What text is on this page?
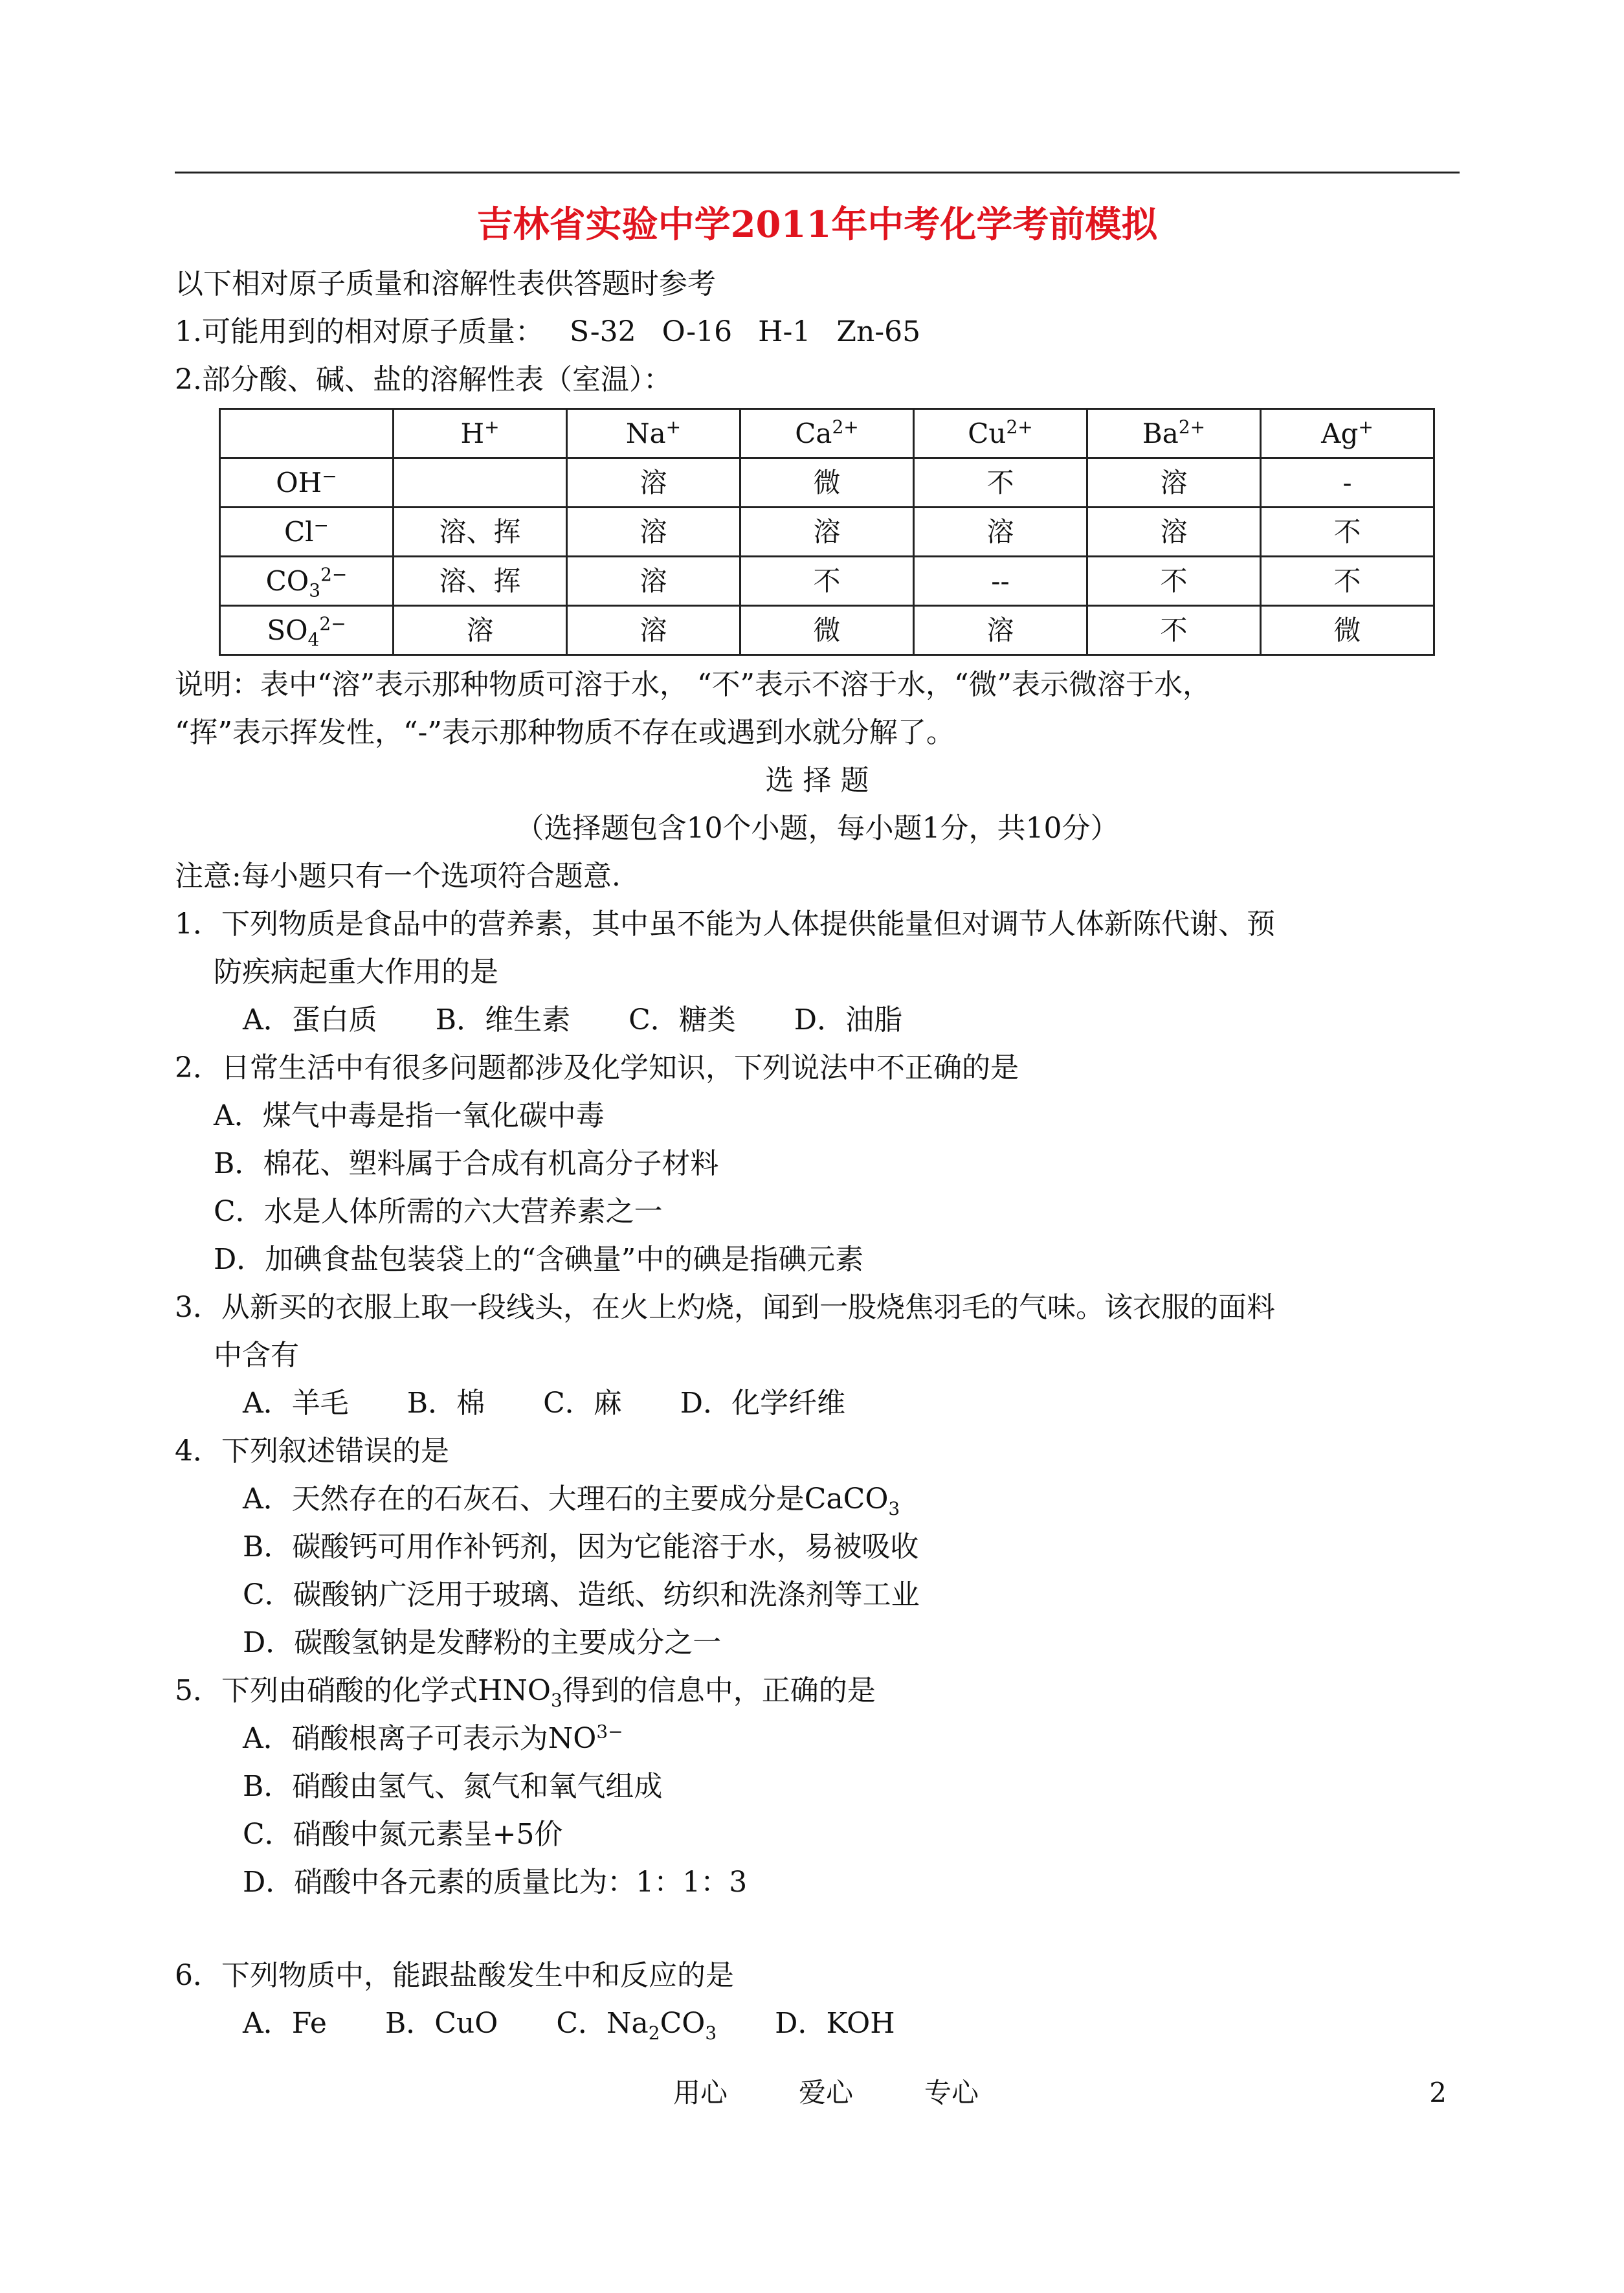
吉林省实验中学2011年中考化学考前模拟
以下相对原子质量和溶解性表供答题时参考
1.可能用到的相对原子质量： S-32 O-16 H-1 Zn-65
2.部分酸、碱、盐的溶解性表（室温）：
	H+	Na+	$Ca^{2+}$	$Cu^{2+}$	$Ba^{2+}$	Ag+
OH−		溶	微	不	溶	-
Cl−	溶、挥	溶	溶	溶	溶	不
$CO_3^{2-}$	溶、挥	溶	不	--	不	不
$SO_4^{2-}$	溶	溶	微	溶	不	微
说明：表中“溶”表示那种物质可溶于水， “不”表示不溶于水，“微”表示微溶于水，
“挥”表示挥发性，“-”表示那种物质不存在或遇到水就分解了。
选 择 题
（选择题包含10个小题，每小题1分，共10分）
注意:每小题只有一个选项符合题意.
1．下列物质是食品中的营养素，其中虽不能为人体提供能量但对调节人体新陈代谢、预
防疾病起重大作用的是
A．蛋白质 B．维生素 C．糖类 D．油脂
2．日常生活中有很多问题都涉及化学知识，下列说法中不正确的是
A．煤气中毒是指一氧化碳中毒
B．棉花、塑料属于合成有机高分子材料
C．水是人体所需的六大营养素之一
D．加碘食盐包装袋上的“含碘量”中的碘是指碘元素
3．从新买的衣服上取一段线头，在火上灼烧，闻到一股烧焦羽毛的气味。该衣服的面料
中含有
A．羊毛 B．棉 C．麻 D．化学纤维
4．下列叙述错误的是
A．天然存在的石灰石、大理石的主要成分是CaCO$_3$
B．碳酸钙可用作补钙剂，因为它能溶于水，易被吸收
C．碳酸钠广泛用于玻璃、造纸、纺织和洗涤剂等工业
D．碳酸氢钠是发酵粉的主要成分之一
5．下列由硝酸的化学式$HNO_3$得到的信息中，正确的是
A．硝酸根离子可表示为$NO^{3-}$
B．硝酸由氢气、氮气和氧气组成
C．硝酸中氮元素呈+5价
D．硝酸中各元素的质量比为：1：1：3
6．下列物质中，能跟盐酸发生中和反应的是
A．Fe B．CuO C．$Na_2CO_3$ D．KOH
用心	爱心	专心	2
